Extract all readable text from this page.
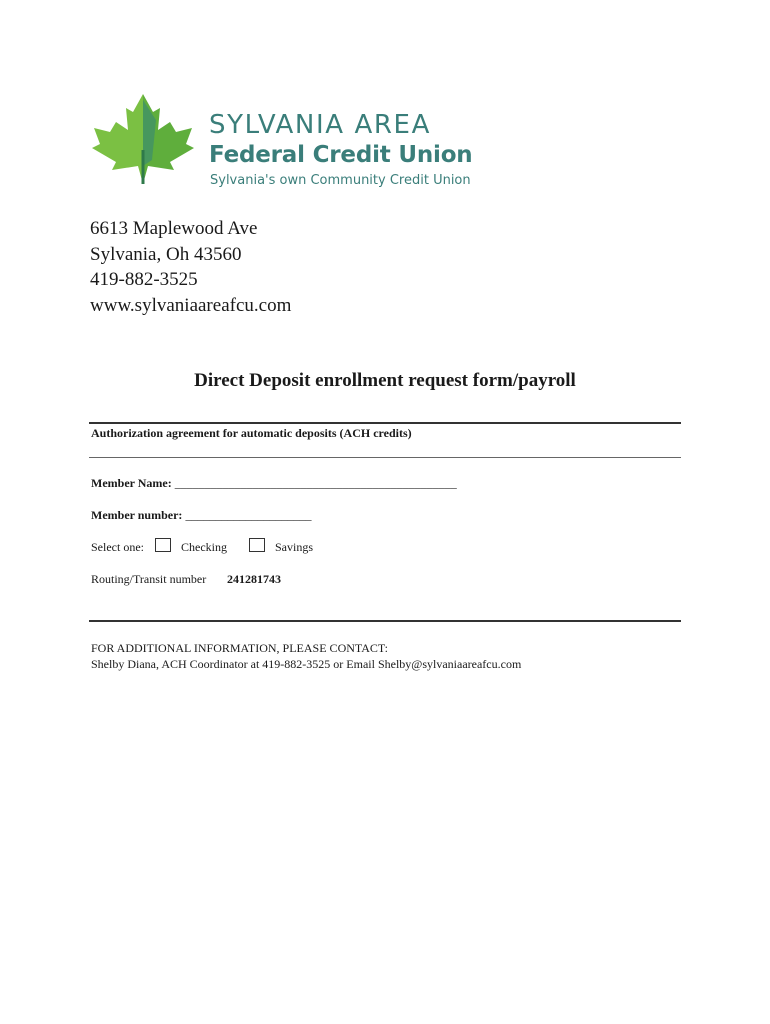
SYLVANIA AREA
Federal Credit Union
Sylvania's own Community Credit Union
6613 Maplewood Ave
Sylvania, Oh 43560
419-882-3525
www.sylvaniaareafcu.com
Direct Deposit enrollment request form/payroll
Authorization agreement for automatic deposits (ACH credits)
Member Name: _______________________________________________
Member number: _____________________
Select one:	Checking	Savings
Routing/Transit number 241281743
FOR ADDITIONAL INFORMATION, PLEASE CONTACT:
Shelby Diana, ACH Coordinator at 419-882-3525 or Email Shelby@sylvaniaareafcu.com
